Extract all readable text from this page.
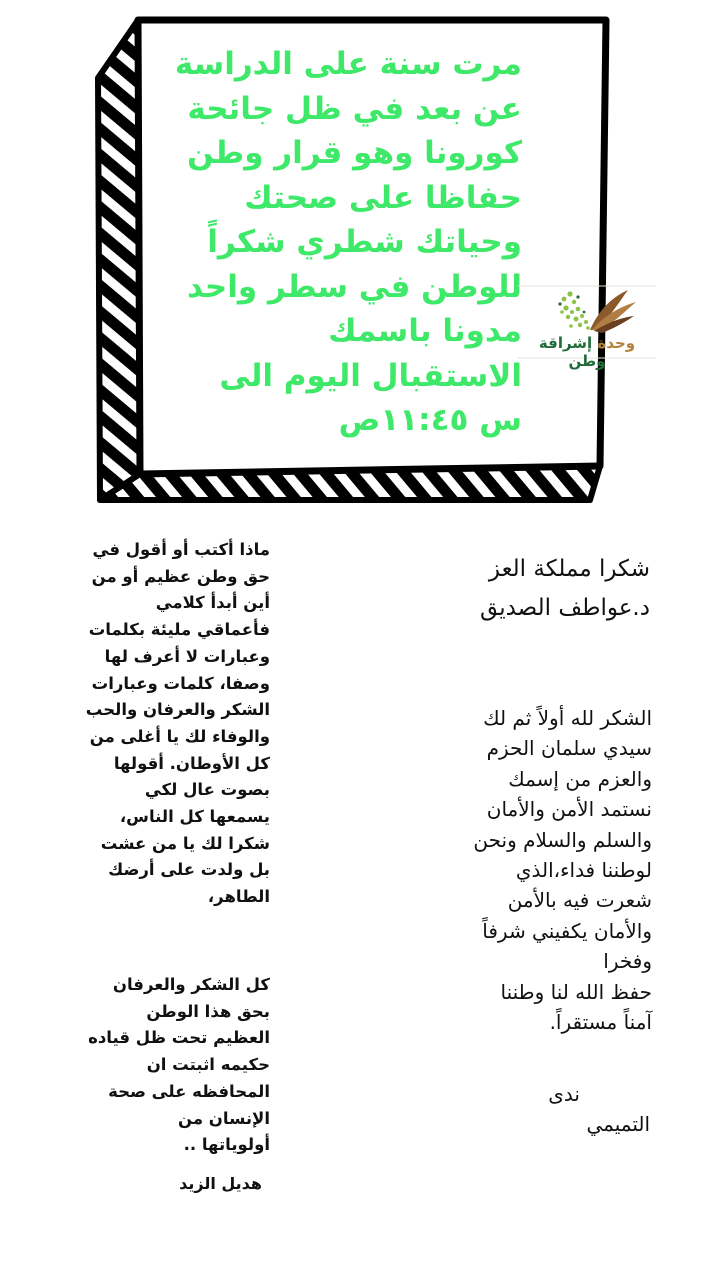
مرت سنة على الدراسة
عن بعد في ظل جائحة
كورونا وهو قرار وطن
حفاظا على صحتك
وحياتك شطري شكراً
للوطن في سطر واحد
مدونا باسمك
الاستقبال اليوم الى
س ١١:٤٥ص
وحدة إشراقة وطن
ماذا أكتب أو أقول في
حق وطن عظيم أو من
أين أبدأ كلامي
فأعماقي مليئة بكلمات
وعبارات لا أعرف لها
وصفا، كلمات وعبارات
الشكر والعرفان والحب
والوفاء لك يا أغلى من
كل الأوطان. أقولها
بصوت عال لكي
يسمعها كل الناس،
شكرا لك يا من عشت
بل ولدت على أرضك
الطاهر،
كل الشكر والعرفان
بحق هذا الوطن
العظيم تحت ظل قياده
حكيمه اثبتت ان
المحافظه على صحة
الإنسان من
أولوياتها ..
هديل الزيد
شكرا مملكة العز
د.عواطف الصديق
الشكر لله أولاً ثم لك
سيدي سلمان الحزم
والعزم من إسمك
نستمد الأمن والأمان
والسلم والسلام ونحن
لوطننا فداء،الذي
شعرت فيه بالأمن
والأمان يكفيني شرفاً
وفخرا
حفظ الله لنا وطننا
آمناً مستقراً.
ندى
التميمي
